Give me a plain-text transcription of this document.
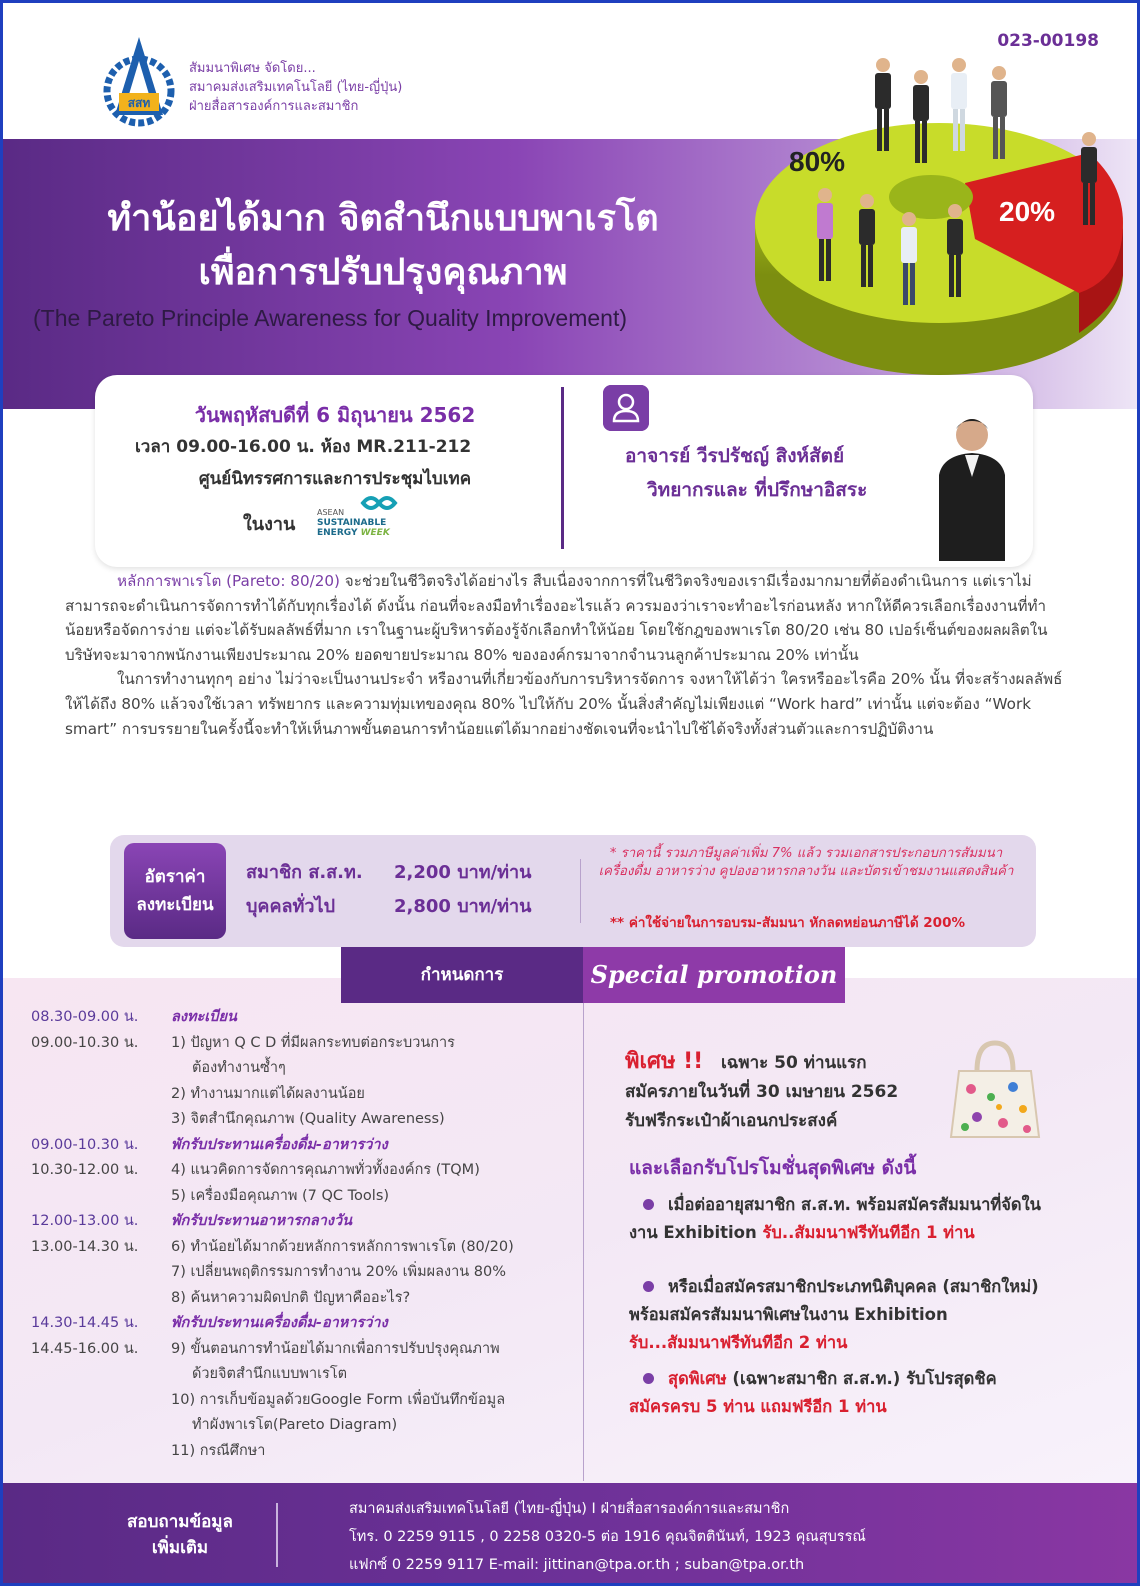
023-00198
สสท
สัมมนาพิเศษ จัดโดย...
สมาคมส่งเสริมเทคโนโลยี (ไทย-ญี่ปุ่น)
ฝ่ายสื่อสารองค์การและสมาชิก
ทำน้อยได้มาก จิตสำนึกแบบพาเรโต
เพื่อการปรับปรุงคุณภาพ
(The Pareto Principle Awareness for Quality Improvement)
80%
20%
วันพฤหัสบดีที่ 6 มิถุนายน 2562
เวลา 09.00-16.00 น. ห้อง MR.211-212
ศูนย์นิทรรศการและการประชุมไบเทค
ในงาน
ASEAN
SUSTAINABLE
ENERGY WEEK
อาจารย์ วีรปรัชญ์ สิงห์สัตย์
วิทยากรและ ที่ปรึกษาอิสระ

หลักการพาเรโต (Pareto: 80/20) จะช่วยในชีวิตจริงได้อย่างไร สืบเนื่องจากการที่ในชีวิตจริงของเรามีเรื่องมากมายที่ต้องดำเนินการ แต่เราไม่สามารถจะดำเนินการจัดการทำได้กับทุกเรื่องได้ ดังนั้น ก่อนที่จะลงมือทำเรื่องอะไรแล้ว ควรมองว่าเราจะทำอะไรก่อนหลัง หากให้ดีควรเลือกเรื่องงานที่ทำน้อยหรือจัดการง่าย แต่จะได้รับผลลัพธ์ที่มาก เราในฐานะผู้บริหารต้องรู้จักเลือกทำให้น้อย โดยใช้กฎของพาเรโต 80/20 เช่น 80 เปอร์เซ็นต์ของผลผลิตในบริษัทจะมาจากพนักงานเพียงประมาณ 20% ยอดขายประมาณ 80% ขององค์กรมาจากจำนวนลูกค้าประมาณ 20% เท่านั้น

ในการทำงานทุกๆ อย่าง ไม่ว่าจะเป็นงานประจำ หรืองานที่เกี่ยวข้องกับการบริหารจัดการ จงหาให้ได้ว่า ใครหรืออะไรคือ 20% นั้น ที่จะสร้างผลลัพธ์ให้ได้ถึง 80% แล้วจงใช้เวลา ทรัพยากร และความทุ่มเทของคุณ 80% ไปให้กับ 20% นั้นสิ่งสำคัญไม่เพียงแต่ “Work hard” เท่านั้น แต่จะต้อง “Work smart” การบรรยายในครั้งนี้จะทำให้เห็นภาพขั้นตอนการทำน้อยแต่ได้มากอย่างชัดเจนที่จะนำไปใช้ได้จริงทั้งส่วนตัวและการปฏิบัติงาน

อัตราค่า
ลงทะเบียน
สมาชิก ส.ส.ท. 2,200 บาท/ท่าน
บุคคลทั่วไป	2,800 บาท/ท่าน
* ราคานี้ รวมภาษีมูลค่าเพิ่ม 7% แล้ว รวมเอกสารประกอบการสัมมนา เครื่องดื่ม อาหารว่าง คูปองอาหารกลางวัน และบัตรเข้าชมงานแสดงสินค้า
** ค่าใช้จ่ายในการอบรม-สัมมนา หักลดหย่อนภาษีได้ 200%
กำหนดการ	Special promotion
08.30-09.00 น. ลงทะเบียน
09.00-10.30 น. 1) ปัญหา Q C D ที่มีผลกระทบต่อกระบวนการ
ต้องทำงานซ้ำๆ
2) ทำงานมากแต่ได้ผลงานน้อย
3) จิตสำนึกคุณภาพ (Quality Awareness)
09.00-10.30 น. พักรับประทานเครื่องดื่ม-อาหารว่าง
10.30-12.00 น. 4) แนวคิดการจัดการคุณภาพทั่วทั้งองค์กร (TQM)
5) เครื่องมือคุณภาพ (7 QC Tools)
12.00-13.00 น. พักรับประทานอาหารกลางวัน
13.00-14.30 น. 6) ทำน้อยได้มากด้วยหลักการหลักการพาเรโต (80/20)
7) เปลี่ยนพฤติกรรมการทำงาน 20% เพิ่มผลงาน 80%
8) ค้นหาความผิดปกติ ปัญหาคืออะไร?
14.30-14.45 น. พักรับประทานเครื่องดื่ม-อาหารว่าง
14.45-16.00 น. 9) ขั้นตอนการทำน้อยได้มากเพื่อการปรับปรุงคุณภาพ
ด้วยจิตสำนึกแบบพาเรโต
10) การเก็บข้อมูลด้วยGoogle Form เพื่อบันทึกข้อมูล
ทำผังพาเรโต(Pareto Diagram)
11) กรณีศึกษา
พิเศษ !! เฉพาะ 50 ท่านแรก
สมัครภายในวันที่ 30 เมษายน 2562
รับฟรีกระเป๋าผ้าเอนกประสงค์
และเลือกรับโปรโมชั่นสุดพิเศษ ดังนี้
เมื่อต่ออายุสมาชิก ส.ส.ท. พร้อมสมัครสัมมนาที่จัดในงาน Exhibition รับ..สัมมนาฟรีทันทีอีก 1 ท่าน
หรือเมื่อสมัครสมาชิกประเภทนิติบุคคล (สมาชิกใหม่) พร้อมสมัครสัมมนาพิเศษในงาน Exhibition
รับ...สัมมนาฟรีทันทีอีก 2 ท่าน
สุดพิเศษ (เฉพาะสมาชิก ส.ส.ท.) รับโปรสุดชิค
สมัครครบ 5 ท่าน แถมฟรีอีก 1 ท่าน
สอบถามข้อมูล
เพิ่มเติม
สมาคมส่งเสริมเทคโนโลยี (ไทย-ญี่ปุ่น) I ฝ่ายสื่อสารองค์การและสมาชิก
โทร. 0 2259 9115 , 0 2258 0320-5 ต่อ 1916 คุณจิตตินันท์, 1923 คุณสุบรรณ์
แฟกซ์ 0 2259 9117 E-mail: jittinan@tpa.or.th ; suban@tpa.or.th
